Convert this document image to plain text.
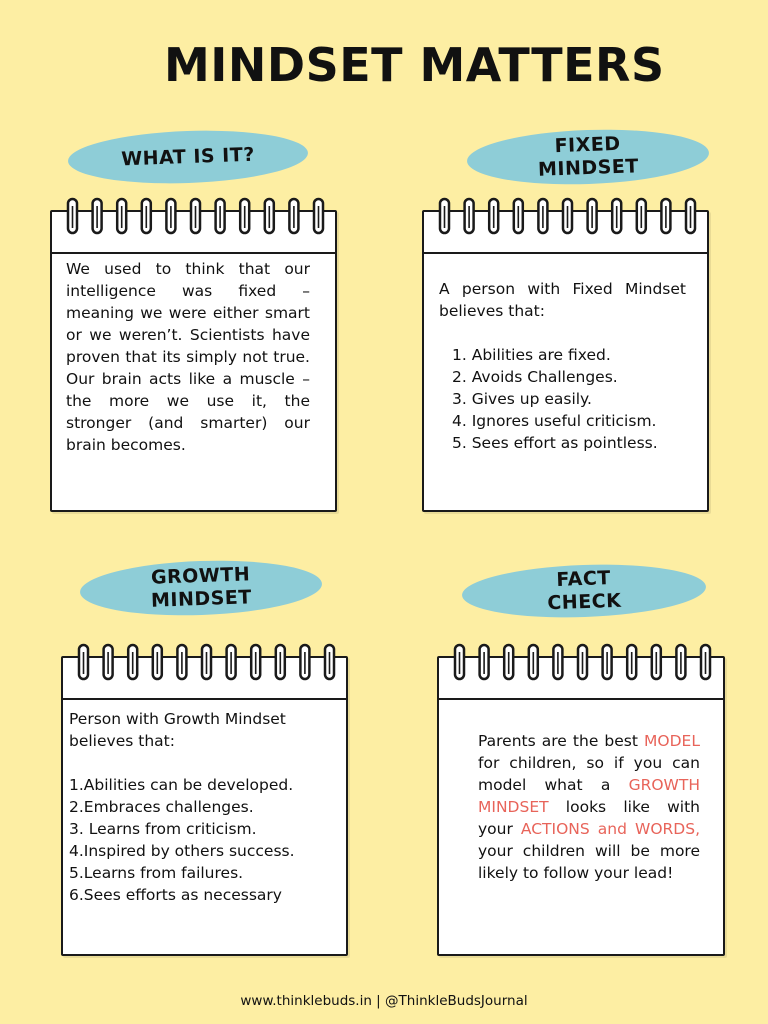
MINDSET MATTERS
WHAT IS IT?	FIXED
MINDSET
GROWTH
MINDSET
FACT
CHECK
We used to think that our intelligence was fixed – meaning we were either smart or we weren’t. Scientists have proven that its simply not true. Our brain acts like a muscle – the more we use it, the stronger (and smarter) our brain becomes.
A person with Fixed Mindset believes that:
1. Abilities are fixed.
2. Avoids Challenges.
3. Gives up easily.
4. Ignores useful criticism.
5. Sees effort as pointless.
Person with Growth Mindset believes that:
1.Abilities can be developed.
2.Embraces challenges.
3. Learns from criticism.
4.Inspired by others success.
5.Learns from failures.
6.Sees efforts as necessary
Parents are the best MODEL for children, so if you can model what a GROWTH MINDSET looks like with your ACTIONS and WORDS, your children will be more likely to follow your lead!
www.thinklebuds.in | @ThinkleBudsJournal
